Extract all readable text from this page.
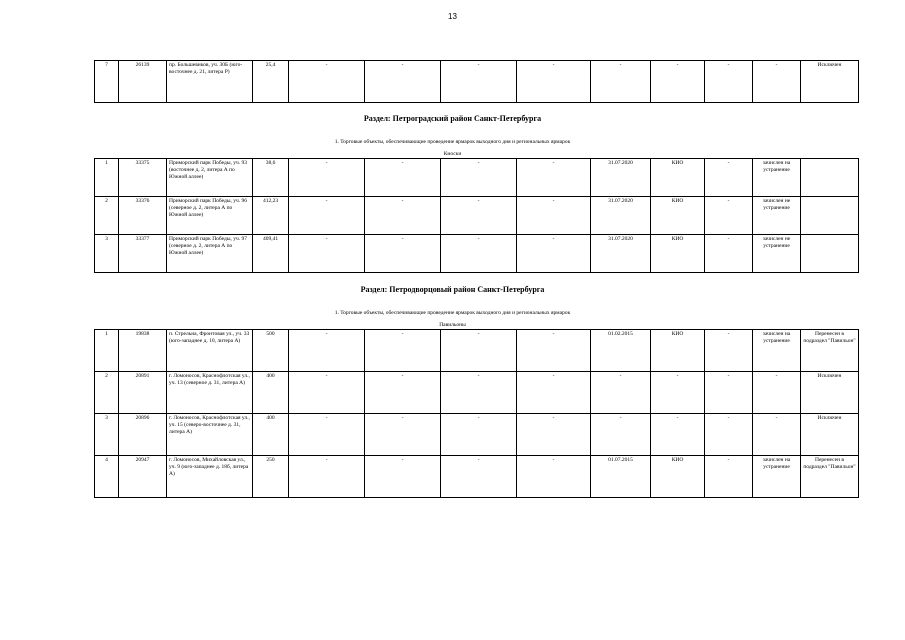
13
7	26139	пр. Большевиков, уч. 30Б (юго-восточнее д. 21, литера Р)	25,4	-	-	-	-	-	-	-	-	Исключен
Раздел: Петроградский район Санкт-Петербурга
1. Торговые объекты, обеспечивающие проведение ярмарок выходного дня и региональных ярмарок
Киоски
1	33375	Приморский парк Победы, уч. 93 (восточнее д. 2, литера А по Южной аллее)	38,6	-	-	-	-	31.07.2020	КИО	-	зачислен на устранение	
2	33376	Приморский парк Победы, уч. 96 (северное д. 2, литера А по Южной аллее)	412,23	-	-	-	-	31.07.2020	КИО	-	зачислен не устранение	
3	33377	Приморский парк Победы, уч. 97 (северное д. 2, литера А по Южной аллее)	409,41	-	-	-	-	31.07.2020	КИО	-	зачислен не устранение	
Раздел: Петродворцовый район Санкт-Петербурга
1. Торговые объекты, обеспечивающие проведение ярмарок выходного дня и региональных ярмарок
Павильоны
1	19838	п. Стрельна, Фронтовая ул., уч. 33 (юго-западнее д. 10, литера А)	500	-	-	-	-	01.02.2015	КИО	-	зачислен на устранение	Перенесен в подраздел "Павильон"
2	20891	г. Ломоносов, Краснофлотская ул., уч. 13 (северное д. 31, литера А)	400	-	-	-	-	-	-	-	-	Исключен
3	20896	г. Ломоносов, Краснофлотская ул., уч. 15 (северо-восточнее д. 31, литера А)	400	-	-	-	-	-	-	-	-	Исключен
4	20947	г. Ломоносов, Михайловская ул., уч. 9 (юго-западнее д. 18б, литера А)	250	-	-	-	-	01.07.2015	КИО	-	зачислен на устранение	Перенесен в подраздел "Павильон"
